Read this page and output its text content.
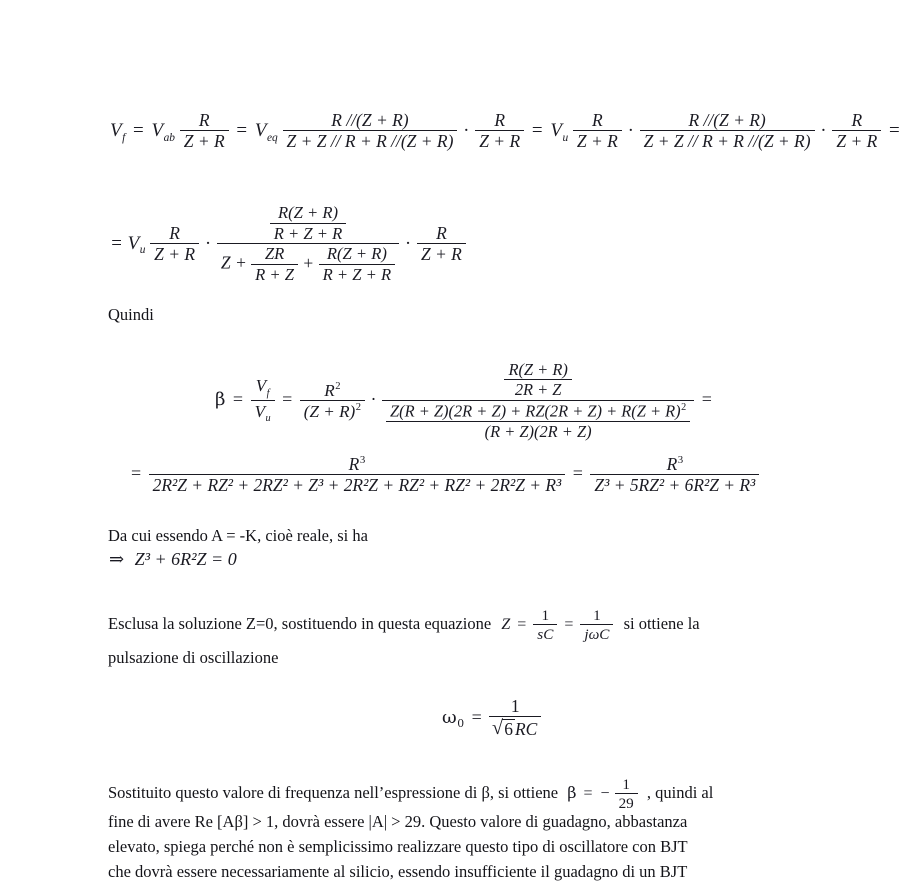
$V_f = V_{ab} \frac{R}{Z + R} = V_{eq} \frac{R //(Z + R)}{Z + Z // R + R //(Z + R)} \cdot \frac{R}{Z + R} = V_u \frac{R}{Z + R} \cdot \frac{R //(Z + R)}{Z + Z // R + R //(Z + R)} \cdot \frac{R}{Z + R}$ =
= $V_u \frac{R}{Z + R}$ ·
$\frac{R(Z + R)}{R + Z + R}$
$Z + \frac{ZR}{R + Z} + \frac{R(Z + R)}{R + Z + R}$
· $\frac{R}{Z + R}$
Quindi
$\beta = \frac{V_f}{V_u} = \frac{R^2}{(Z + R)^2}$ ·
$\frac{R(Z + R)}{2R + Z}$
$\frac{Z(R + Z)(2R + Z) + RZ(2R + Z) + R(Z + R)^2}{(R + Z)(2R + Z)}$
=
= $\frac{R^3}{\text{2R²Z + RZ² + 2RZ² + Z³ + 2R²Z + RZ² + RZ² + 2R²Z + R³}} = \frac{R^3}{\text{Z³ + 5RZ² + 6R²Z + R³}}$
Da cui essendo A = -K, cioè reale, si ha
⇒ Z³ + 6R²Z = 0
Esclusa la soluzione Z=0, sostituendo in questa equazione $Z = \frac{1}{sC} = \frac{1}{\text{jωC}}$ si ottiene la
pulsazione di oscillazione
$\omega_0 = 1$
√ 6 RC
Sostituito questo valore di frequenza nell’espressione di β, si ottiene β = − $\frac{1}{29}$ , quindi al
fine di avere Re [Aβ] > 1, dovrà essere |A| > 29. Questo valore di guadagno, abbastanza
elevato, spiega perché non è semplicissimo realizzare questo tipo di oscillatore con BJT
che dovrà essere necessariamente al silicio, essendo insufficiente il guadagno di un BJT
